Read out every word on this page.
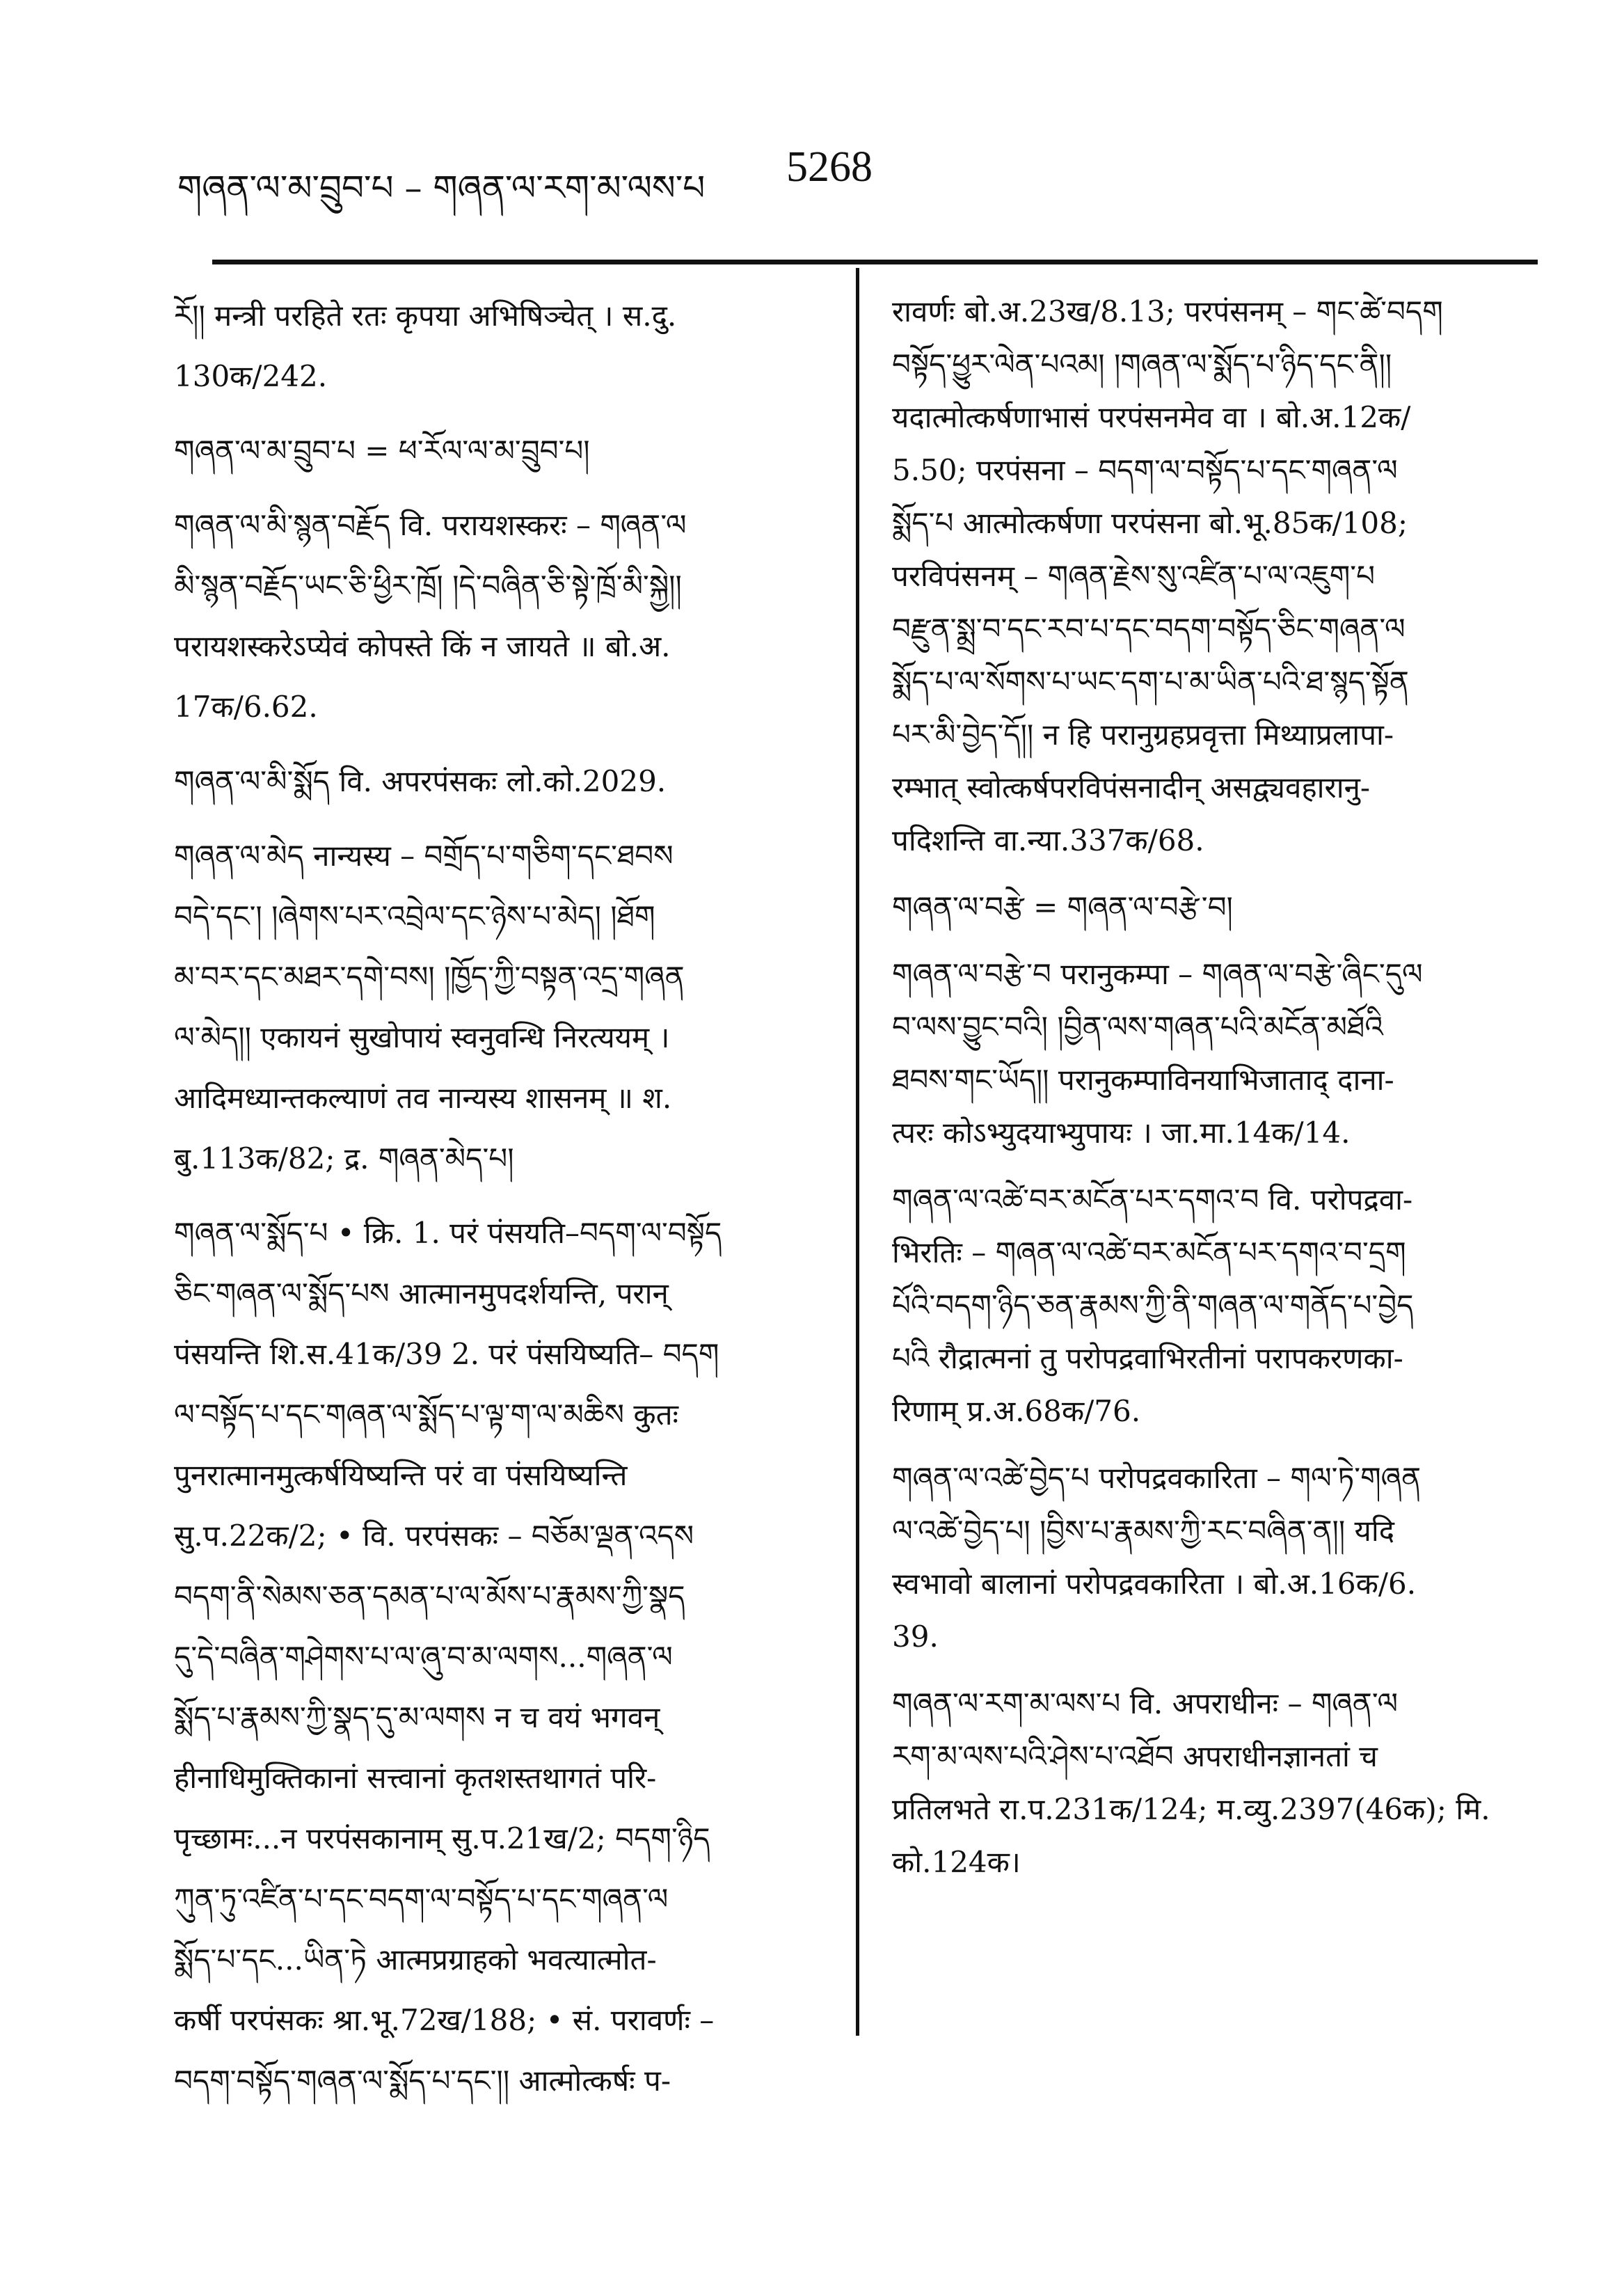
གཞན་ལ་མ་བྲུབ་པ – གཞན་ལ་རག་མ་ལས་པ 5268
རོ།། मन्त्री परहिते रतः कृपया अभिषिञ्चेत् । स.दु.
130क/242.
གཞན་ལ་མ་བྲུབ་པ = ཕ་རོལ་ལ་མ་བྲུབ་པ།
གཞན་ལ་མི་སྙན་བརྗོད वि. परायशस्करः – གཞན་ལ
མི་སྙན་བརྗོད་ཡང་ཅི་ཕྱིར་ཁྲོ། །དེ་བཞིན་ཅི་སྟེ་ཁྲོ་མི་སྐྱེ།།
परायशस्करेऽप्येवं कोपस्ते किं न जायते ॥ बो.अ.
17क/6.62.
གཞན་ལ་མི་སྨོད वि. अपरपंसकः लो.को.2029.
གཞན་ལ་མེད नान्यस्य – བགྲོད་པ་གཅིག་དང་ཐབས
བདེ་དང་། །ཞེགས་པར་འབྲེལ་དང་ཉེས་པ་མེད། །ཐོག
མ་བར་དང་མཐར་དགེ་བས། །ཁྱོད་ཀྱི་བསྟན་འདྲ་གཞན
ལ་མེད།། एकायनं सुखोपायं स्वनुवन्धि निरत्ययम् ।
आदिमध्यान्तकल्याणं तव नान्यस्य शासनम् ॥ श.
बु.113क/82; द्र. གཞན་མེད་པ།
གཞན་ལ་སྨོད་པ • क्रि. 1. परं पंसयति–བདག་ལ་བསྟོད
ཅིང་གཞན་ལ་སྨོད་པས आत्मानमुपदर्शयन्ति, परान्
पंसयन्ति शि.स.41क/39 2. परं पंसयिष्यति– བདག
ལ་བསྟོད་པ་དང་གཞན་ལ་སྨོད་པ་ལྟ་ག་ལ་མཆིས कुतः
पुनरात्मानमुत्कर्षयिष्यन्ति परं वा पंसयिष्यन्ति
सु.प.22क/2; • वि. परपंसकः – བཅོམ་ལྡན་འདས
བདག་ནི་སེམས་ཅན་དམན་པ་ལ་མོས་པ་རྣམས་ཀྱི་སྣད
དུ་དེ་བཞིན་གཤེགས་པ་ལ་ཞུ་བ་མ་ལགས...གཞན་ལ
སྨོད་པ་རྣམས་ཀྱི་སྣད་དུ་མ་ལགས न च वयं भगवन्
हीनाधिमुक्तिकानां सत्त्वानां कृतशस्तथागतं परि-
पृच्छामः...न परपंसकानाम् सु.प.21ख/2; བདག་ཉིད
ཀུན་ཏུ་འཛིན་པ་དང་བདག་ལ་བསྟོད་པ་དང་གཞན་ལ
སྨོད་པ་དང...ཡིན་ཏེ आत्मप्रग्राहको भवत्यात्मोत-
कर्षी परपंसकः श्रा.भू.72ख/188; • सं. परावर्णः –
བདག་བསྟོད་གཞན་ལ་སྨོད་པ་དང་།། आत्मोत्कर्षः प-
रावर्णः बो.अ.23ख/8.13; परपंसनम् – གང་ཚེ་བདག
བསྟོད་ཕྱུར་ལེན་པའམ། །གཞན་ལ་སྨོད་པ་ཉིད་དང་ནི།།
यदात्मोत्कर्षणाभासं परपंसनमेव वा । बो.अ.12क/
5.50; परपंसना – བདག་ལ་བསྟོད་པ་དང་གཞན་ལ
སྨོད་པ आत्मोत्कर्षणा परपंसना बो.भू.85क/108;
परविपंसनम् – གཞན་རྗེས་སུ་འཛིན་པ་ལ་འཇུག་པ
བརྫུན་སྨྲ་བ་དང་རབ་པ་དང་བདག་བསྟོད་ཅིང་གཞན་ལ
སྨོད་པ་ལ་སོགས་པ་ཡང་དག་པ་མ་ཡིན་པའི་ཐ་སྙད་སྟོན
པར་མི་བྱེད་དོ།། न हि परानुग्रहप्रवृत्ता मिथ्याप्रलापा-
रम्भात् स्वोत्कर्षपरविपंसनादीन् असद्व्यवहारानु-
पदिशन्ति वा.न्या.337क/68.
གཞན་ལ་བརྩེ = གཞན་ལ་བརྩེ་བ།
གཞན་ལ་བརྩེ་བ परानुकम्पा – གཞན་ལ་བརྩེ་ཞིང་དུལ
བ་ལས་བྱུང་བའི། །བྱིན་ལས་གཞན་པའི་མངོན་མཐོའི
ཐབས་གང་ཡོད།། परानुकम्पाविनयाभिजाताद् दाना-
त्परः कोऽभ्युदयाभ्युपायः । जा.मा.14क/14.
གཞན་ལ་འཚེ་བར་མངོན་པར་དགའ་བ वि. परोपद्रवा-
भिरतिः – གཞན་ལ་འཚེ་བར་མངོན་པར་དགའ་བ་དྲག
པོའི་བདག་ཉིད་ཅན་རྣམས་ཀྱི་ནི་གཞན་ལ་གནོད་པ་བྱེད
པའི रौद्रात्मनां तु परोपद्रवाभिरतीनां परापकरणका-
रिणाम् प्र.अ.68क/76.
གཞན་ལ་འཚེ་བྱེད་པ परोपद्रवकारिता – གལ་ཏེ་གཞན
ལ་འཚེ་བྱེད་པ། །བྱིས་པ་རྣམས་ཀྱི་རང་བཞིན་ན།། यदि
स्वभावो बालानां परोपद्रवकारिता । बो.अ.16क/6.
39.
གཞན་ལ་རག་མ་ལས་པ वि. अपराधीनः – གཞན་ལ
རག་མ་ལས་པའི་ཤེས་པ་འཐོབ अपराधीनज्ञानतां च
प्रतिलभते रा.प.231क/124; म.व्यु.2397(46क); मि.
को.124क।
